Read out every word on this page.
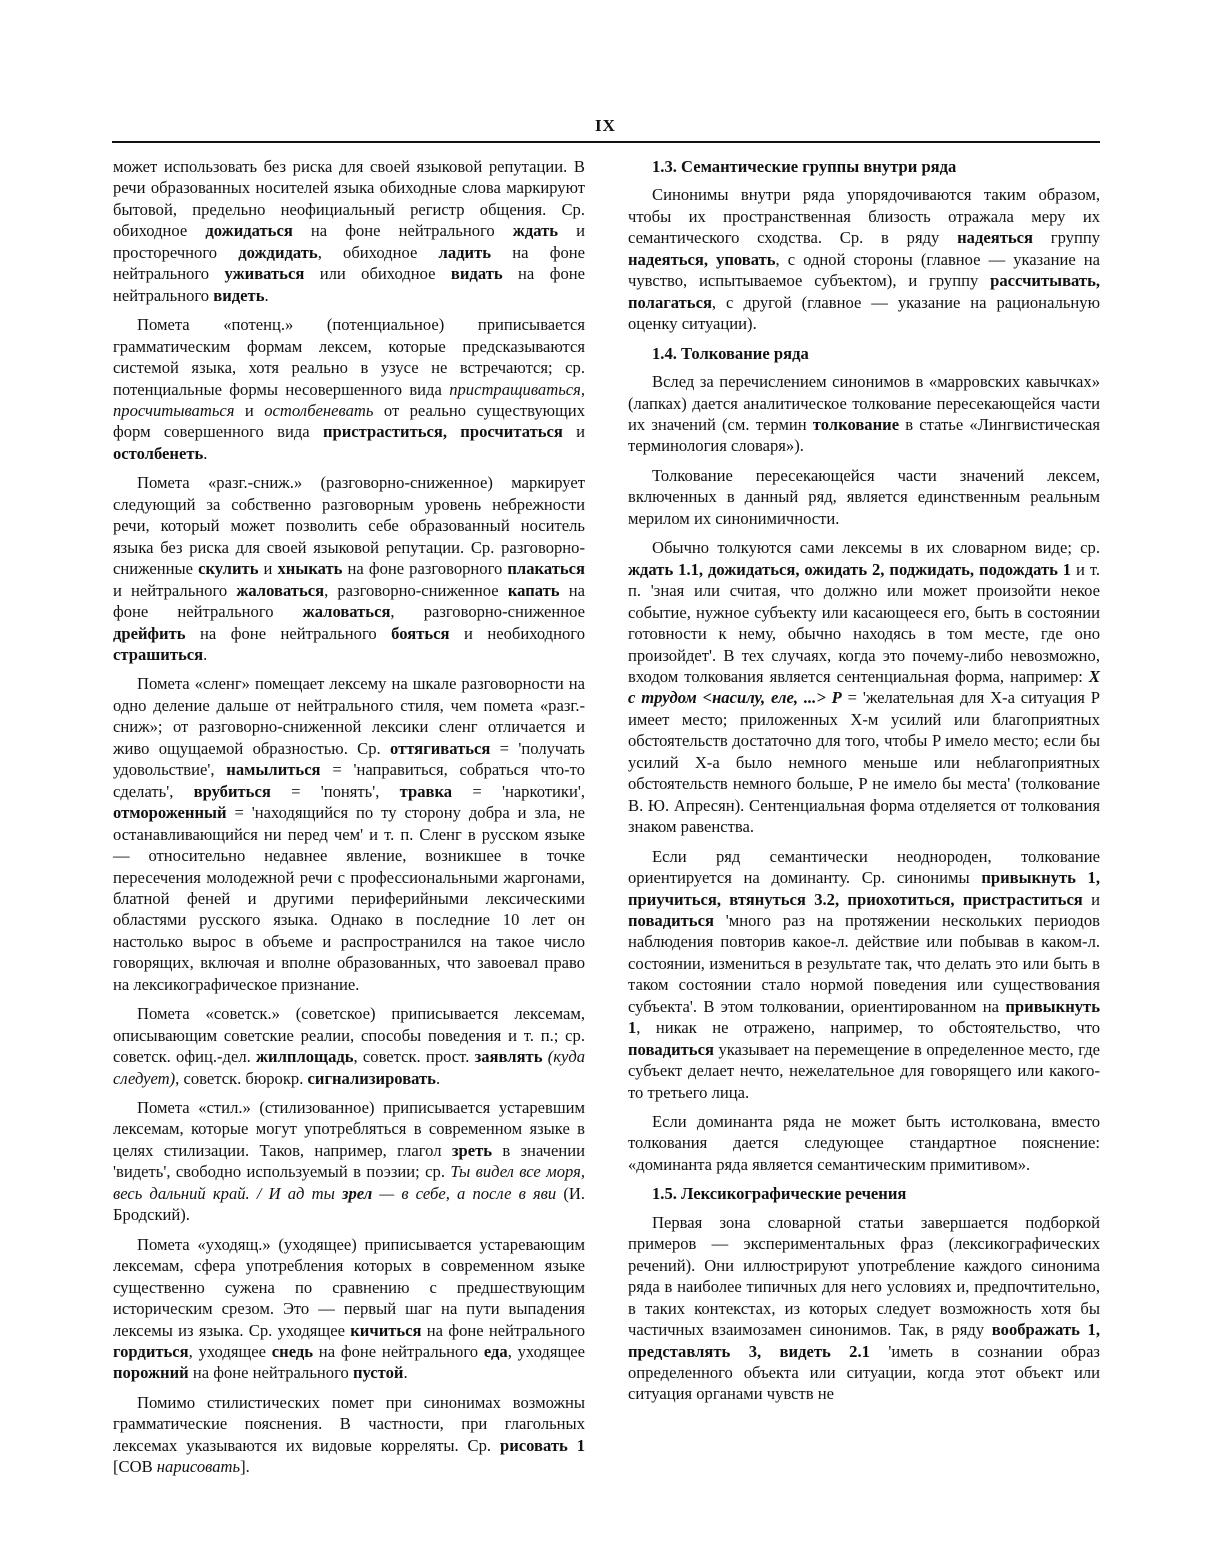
IX

может использовать без риска для своей языковой репутации. В речи образованных носителей языка обиходные слова маркируют бытовой, предельно неофициальный регистр общения. Ср. обиходное дожидаться на фоне нейтрального ждать и просторечного дождидать, обиходное ладить на фоне нейтрального уживаться или обиходное видать на фоне нейтрального видеть.

Помета «потенц.» (потенциальное) приписывается грамматическим формам лексем, которые предсказываются системой языка, хотя реально в узусе не встречаются; ср. потенциальные формы несовершенного вида пристращиваться, просчитываться и остолбеневать от реально существующих форм совершенного вида пристраститься, просчитаться и остолбенеть.

Помета «разг.-сниж.» (разговорно-сниженное) маркирует следующий за собственно разговорным уровень небрежности речи, который может позволить себе образованный носитель языка без риска для своей языковой репутации. Ср. разговорно-сниженные скулить и хныкать на фоне разговорного плакаться и нейтрального жаловаться, разговорно-сниженное капать на фоне нейтрального жаловаться, разговорно-сниженное дрейфить на фоне нейтрального бояться и необиходного страшиться.

Помета «сленг» помещает лексему на шкале разговорности на одно деление дальше от нейтрального стиля, чем помета «разг.-сниж»; от разговорно-сниженной лексики сленг отличается и живо ощущаемой образностью. Ср. оттягиваться = 'получать удовольствие', намылиться = 'направиться, собраться что-то сделать', врубиться = 'понять', травка = 'наркотики', отмороженный = 'находящийся по ту сторону добра и зла, не останавливающийся ни перед чем' и т. п. Сленг в русском языке — относительно недавнее явление, возникшее в точке пересечения молодежной речи с профессиональными жаргонами, блатной феней и другими периферийными лексическими областями русского языка. Однако в последние 10 лет он настолько вырос в объеме и распространился на такое число говорящих, включая и вполне образованных, что завоевал право на лексикографическое признание.

Помета «советск.» (советское) приписывается лексемам, описывающим советские реалии, способы поведения и т. п.; ср. советск. офиц.-дел. жилплощадь, советск. прост. заявлять (куда следует), советск. бюрокр. сигнализировать.

Помета «стил.» (стилизованное) приписывается устаревшим лексемам, которые могут употребляться в современном языке в целях стилизации. Таков, например, глагол зреть в значении 'видеть', свободно используемый в поэзии; ср. Ты видел все моря, весь дальний край. / И ад ты зрел — в себе, а после в яви (И. Бродский).

Помета «уходящ.» (уходящее) приписывается устаревающим лексемам, сфера употребления которых в современном языке существенно сужена по сравнению с предшествующим историческим срезом. Это — первый шаг на пути выпадения лексемы из языка. Ср. уходящее кичиться на фоне нейтрального гордиться, уходящее снедь на фоне нейтрального еда, уходящее порожний на фоне нейтрального пустой.

Помимо стилистических помет при синонимах возможны грамматические пояснения. В частности, при глагольных лексемах указываются их видовые корреляты. Ср. рисовать 1 [СОВ нарисовать].

1.3. Семантические группы внутри ряда

Синонимы внутри ряда упорядочиваются таким образом, чтобы их пространственная близость отражала меру их семантического сходства. Ср. в ряду надеяться группу надеяться, уповать, с одной стороны (главное — указание на чувство, испытываемое субъектом), и группу рассчитывать, полагаться, с другой (главное — указание на рациональную оценку ситуации).

1.4. Толкование ряда

Вслед за перечислением синонимов в «марровских кавычках» (лапках) дается аналитическое толкование пересекающейся части их значений (см. термин толкование в статье «Лингвистическая терминология словаря»).

Толкование пересекающейся части значений лексем, включенных в данный ряд, является единственным реальным мерилом их синонимичности.

Обычно толкуются сами лексемы в их словарном виде; ср. ждать 1.1, дожидаться, ожидать 2, поджидать, подождать 1 и т. п. 'зная или считая, что должно или может произойти некое событие, нужное субъекту или касающееся его, быть в состоянии готовности к нему, обычно находясь в том месте, где оно произойдет'. В тех случаях, когда это почему-либо невозможно, входом толкования является сентенциальная форма, например: X с трудом <насилу, еле, ...> P = 'желательная для X-а ситуация P имеет место; приложенных X-м усилий или благоприятных обстоятельств достаточно для того, чтобы P имело место; если бы усилий X-а было немного меньше или неблагоприятных обстоятельств немного больше, P не имело бы места' (толкование В. Ю. Апресян). Сентенциальная форма отделяется от толкования знаком равенства.

Если ряд семантически неоднороден, толкование ориентируется на доминанту. Ср. синонимы привыкнуть 1, приучиться, втянуться 3.2, приохотиться, пристраститься и повадиться 'много раз на протяжении нескольких периодов наблюдения повторив какое-л. действие или побывав в каком-л. состоянии, измениться в результате так, что делать это или быть в таком состоянии стало нормой поведения или существования субъекта'. В этом толковании, ориентированном на привыкнуть 1, никак не отражено, например, то обстоятельство, что повадиться указывает на перемещение в определенное место, где субъект делает нечто, нежелательное для говорящего или какого-то третьего лица.

Если доминанта ряда не может быть истолкована, вместо толкования дается следующее стандартное пояснение: «доминанта ряда является семантическим примитивом».

1.5. Лексикографические речения

Первая зона словарной статьи завершается подборкой примеров — экспериментальных фраз (лексикографических речений). Они иллюстрируют употребление каждого синонима ряда в наиболее типичных для него условиях и, предпочтительно, в таких контекстах, из которых следует возможность хотя бы частичных взаимозамен синонимов. Так, в ряду воображать 1, представлять 3, видеть 2.1 'иметь в сознании образ определенного объекта или ситуации, когда этот объект или ситуация органами чувств не
